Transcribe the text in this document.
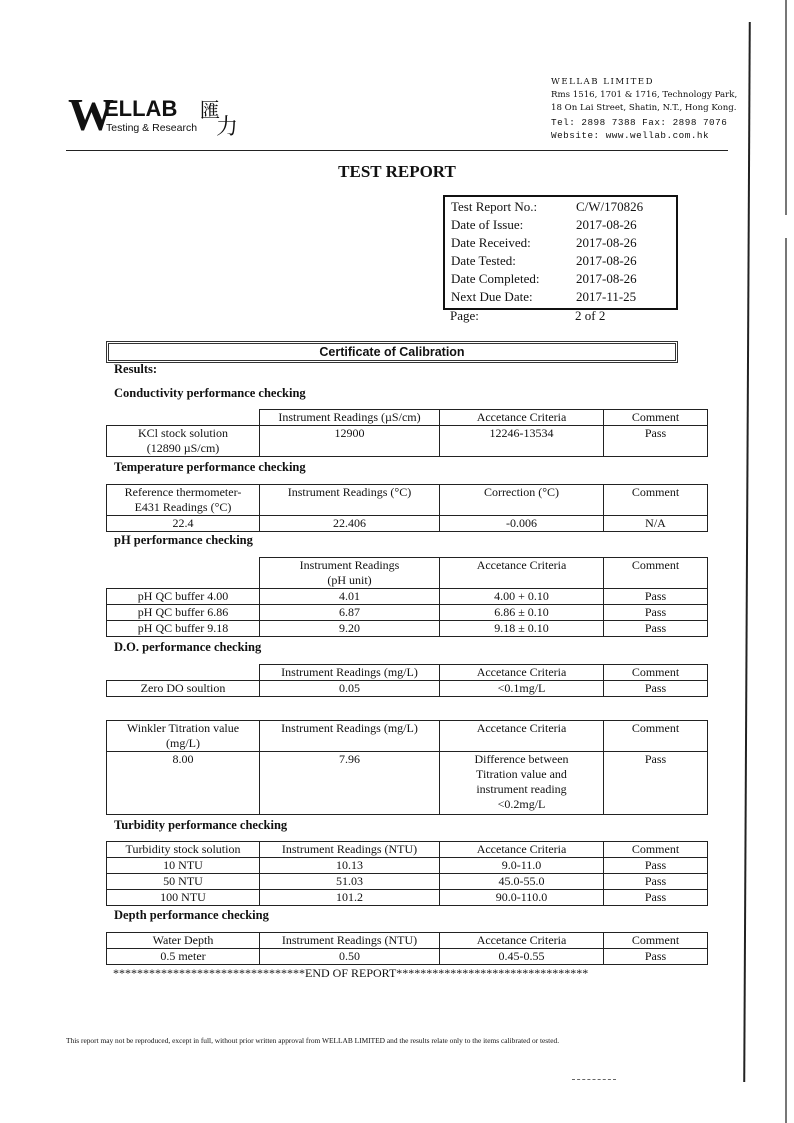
W
ELLAB 匯
力
Testing & Research
WELLAB LIMITED
Rms 1516, 1701 & 1716, Technology Park,
18 On Lai Street, Shatin, N.T., Hong Kong.
Tel: 2898 7388 Fax: 2898 7076
Website: www.wellab.com.hk
TEST REPORT
Test Report No.:	C/W/170826
Date of Issue:	2017-08-26
Date Received:	2017-08-26
Date Tested:	2017-08-26
Date Completed:	2017-08-26
Next Due Date:	2017-11-25
Page:	2 of 2
Certificate of Calibration
Results:
Conductivity performance checking
	Instrument Readings (µS/cm)	Accetance Criteria	Comment

KCl stock solution
(12890 µS/cm)	12900	12246-13534	Pass
Temperature performance checking
Reference thermometer-
E431 Readings (°C)	Instrument Readings (°C)	Correction (°C)	Comment
22.4	22.406	-0.006	N/A
pH performance checking

	Instrument Readings
(pH unit)	Accetance Criteria	Comment
pH QC buffer 4.00	4.01	4.00 + 0.10	Pass
pH QC buffer 6.86	6.87	6.86 ± 0.10	Pass
pH QC buffer 9.18	9.20	9.18 ± 0.10	Pass
D.O. performance checking
	Instrument Readings (mg/L)	Accetance Criteria	Comment
Zero DO soultion	0.05	<0.1mg/L	Pass
Winkler Titration value
(mg/L)	Instrument Readings (mg/L)	Accetance Criteria	Comment
8.00	7.96	Difference between
Titration value and
instrument reading
<0.2mg/L	Pass
Turbidity performance checking
Turbidity stock solution	Instrument Readings (NTU)	Accetance Criteria	Comment
10 NTU	10.13	9.0-11.0	Pass
50 NTU	51.03	45.0-55.0	Pass
100 NTU	101.2	90.0-110.0	Pass
Depth performance checking
Water Depth	Instrument Readings (NTU)	Accetance Criteria	Comment
0.5 meter	0.50	0.45-0.55	Pass
********************************END OF REPORT********************************
This report may not be reproduced, except in full, without prior written approval from WELLAB LIMITED and the results relate only to the items calibrated or tested.
